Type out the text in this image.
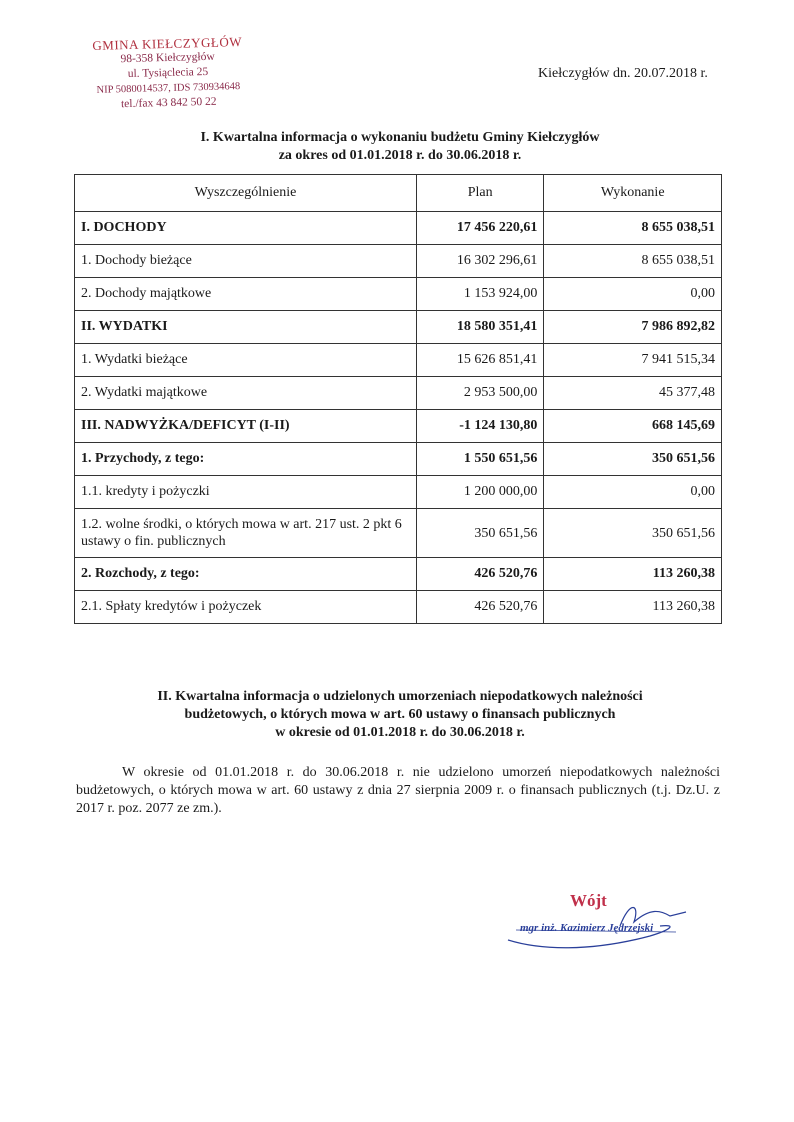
GMINA KIEŁCZYGŁÓW
98-358 Kiełczygłów
ul. Tysiąclecia 25
NIP 5080014537, IDS 730934648
tel./fax 43 842 50 22
Kiełczygłów dn. 20.07.2018 r.
I. Kwartalna informacja o wykonaniu budżetu Gminy Kiełczygłów
za okres od 01.01.2018 r. do 30.06.2018 r.
Wyszczególnienie	Plan	Wykonanie
I. DOCHODY	17 456 220,61	8 655 038,51
1. Dochody bieżące	16 302 296,61	8 655 038,51
2. Dochody majątkowe	1 153 924,00	0,00
II. WYDATKI	18 580 351,41	7 986 892,82
1. Wydatki bieżące	15 626 851,41	7 941 515,34
2. Wydatki majątkowe	2 953 500,00	45 377,48
III. NADWYŻKA/DEFICYT (I-II)	-1 124 130,80	668 145,69
1. Przychody, z tego:	1 550 651,56	350 651,56
1.1. kredyty i pożyczki	1 200 000,00	0,00
1.2. wolne środki, o których mowa w art. 217 ust. 2 pkt 6 ustawy o fin. publicznych	350 651,56	350 651,56
2. Rozchody, z tego:	426 520,76	113 260,38
2.1. Spłaty kredytów i pożyczek	426 520,76	113 260,38
II. Kwartalna informacja o udzielonych umorzeniach niepodatkowych należności
budżetowych, o których mowa w art. 60 ustawy o finansach publicznych
w okresie od 01.01.2018 r. do 30.06.2018 r.
W okresie od 01.01.2018 r. do 30.06.2018 r. nie udzielono umorzeń niepodatkowych należności budżetowych, o których mowa w art. 60 ustawy z dnia 27 sierpnia 2009 r. o finansach publicznych (t.j. Dz.U. z 2017 r. poz. 2077 ze zm.).
Wójt
mgr inż. Kazimierz Jędrzejski
